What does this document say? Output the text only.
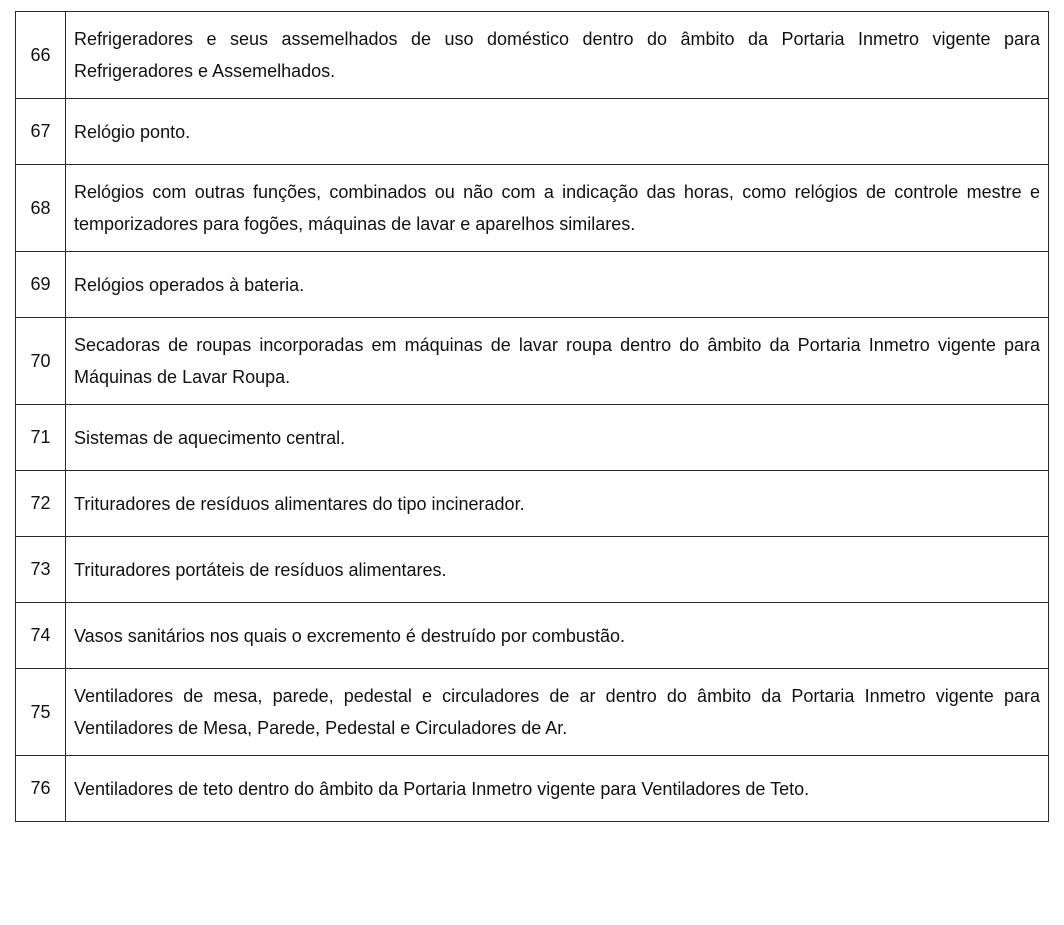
66	Refrigeradores e seus assemelhados de uso doméstico dentro do âmbito da Portaria Inmetro vigente para Refrigeradores e Assemelhados.
67	Relógio ponto.
68	Relógios com outras funções, combinados ou não com a indicação das horas, como relógios de controle mestre e temporizadores para fogões, máquinas de lavar e aparelhos similares.
69	Relógios operados à bateria.
70	Secadoras de roupas incorporadas em máquinas de lavar roupa dentro do âmbito da Portaria Inmetro vigente para Máquinas de Lavar Roupa.
71	Sistemas de aquecimento central.
72	Trituradores de resíduos alimentares do tipo incinerador.
73	Trituradores portáteis de resíduos alimentares.
74	Vasos sanitários nos quais o excremento é destruído por combustão.
75	Ventiladores de mesa, parede, pedestal e circuladores de ar dentro do âmbito da Portaria Inmetro vigente para Ventiladores de Mesa, Parede, Pedestal e Circuladores de Ar.
76	Ventiladores de teto dentro do âmbito da Portaria Inmetro vigente para Ventiladores de Teto.
